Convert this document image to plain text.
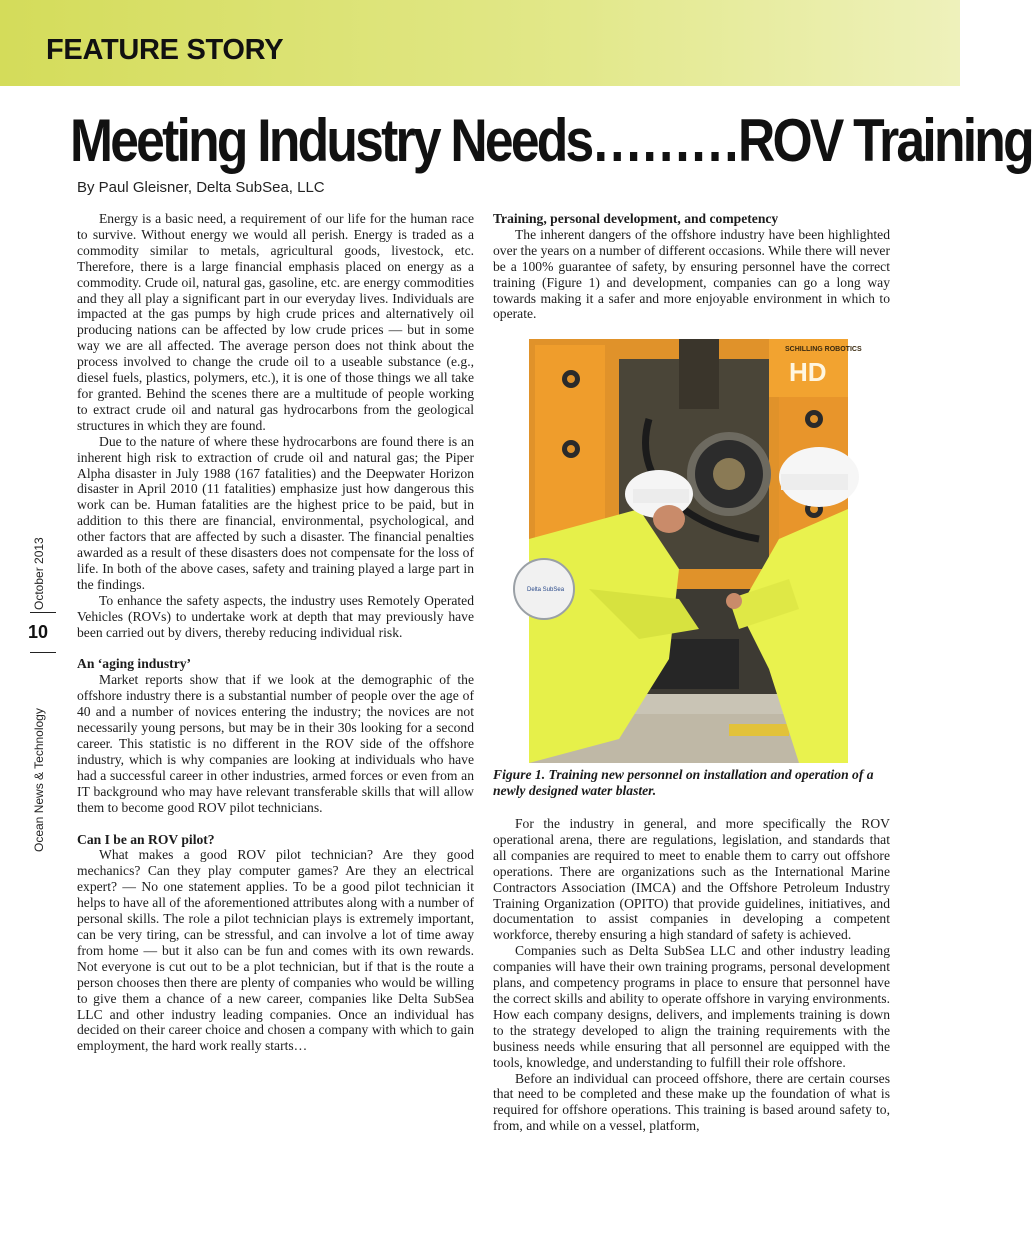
FEATURE STORY
Meeting Industry Needs………ROV Training
By Paul Gleisner, Delta SubSea, LLC
October 2013
10
Ocean News & Technology

Energy is a basic need, a requirement of our life for the human race to survive. Without energy we would all perish. Energy is traded as a commodity similar to metals, agricultural goods, livestock, etc. Therefore, there is a large financial emphasis placed on energy as a commodity. Crude oil, natural gas, gasoline, etc. are energy commodities and they all play a significant part in our everyday lives. Individuals are impacted at the gas pumps by high crude prices and alternatively oil producing nations can be affected by low crude prices — but in some way we are all affected. The average person does not think about the process involved to change the crude oil to a useable substance (e.g., diesel fuels, plastics, polymers, etc.), it is one of those things we all take for granted. Behind the scenes there are a multitude of people working to extract crude oil and natural gas hydrocarbons from the geological structures in which they are found.

Due to the nature of where these hydrocarbons are found there is an inherent high risk to extraction of crude oil and natural gas; the Piper Alpha disaster in July 1988 (167 fatalities) and the Deepwater Horizon disaster in April 2010 (11 fatalities) emphasize just how dangerous this work can be. Human fatalities are the highest price to be paid, but in addition to this there are financial, environmental, psychological, and other factors that are affected by such a disaster. The financial penalties awarded as a result of these disasters does not compensate for the loss of life. In both of the above cases, safety and training played a large part in the findings.

To enhance the safety aspects, the industry uses Remotely Operated Vehicles (ROVs) to undertake work at depth that may previously have been carried out by divers, thereby reducing individual risk.

An ‘aging industry’

Market reports show that if we look at the demographic of the offshore industry there is a substantial number of people over the age of 40 and a number of novices entering the industry; the novices are not necessarily young persons, but may be in their 30s looking for a second career. This statistic is no different in the ROV side of the offshore industry, which is why companies are looking at individuals who have had a successful career in other industries, armed forces or even from an IT background who may have relevant transferable skills that will allow them to become good ROV pilot technicians.

Can I be an ROV pilot?

What makes a good ROV pilot technician? Are they good mechanics? Can they play computer games? Are they an electrical expert? — No one statement applies. To be a good pilot technician it helps to have all of the aforementioned attributes along with a number of personal skills. The role a pilot technician plays is extremely important, can be very tiring, can be stressful, and can involve a lot of time away from home — but it also can be fun and comes with its own rewards. Not everyone is cut out to be a plot technician, but if that is the route a person chooses then there are plenty of companies who would be willing to give them a chance of a new career, companies like Delta SubSea LLC and other industry leading companies. Once an individual has decided on their career choice and chosen a company with which to gain employment, the hard work really starts…

Training, personal development, and competency

The inherent dangers of the offshore industry have been highlighted over the years on a number of different occasions. While there will never be a 100% guarantee of safety, by ensuring personnel have the correct training (Figure 1) and development, companies can go a long way towards making it a safer and more enjoyable environment in which to operate.

SCHILLING ROBOTICS
HD
Delta SubSea
Figure 1. Training new personnel on installation and operation of a newly designed water blaster.

For the industry in general, and more specifically the ROV operational arena, there are regulations, legislation, and standards that all companies are required to meet to enable them to carry out offshore operations. There are organizations such as the International Marine Contractors Association (IMCA) and the Offshore Petroleum Industry Training Organization (OPITO) that provide guidelines, initiatives, and documentation to assist companies in developing a competent workforce, thereby ensuring a high standard of safety is achieved.

Companies such as Delta SubSea LLC and other industry leading companies will have their own training programs, personal development plans, and competency programs in place to ensure that personnel have the correct skills and ability to operate offshore in varying environments. How each company designs, delivers, and implements training is down to the strategy developed to align the training requirements with the business needs while ensuring that all personnel are equipped with the tools, knowledge, and understanding to fulfill their role offshore.

Before an individual can proceed offshore, there are certain courses that need to be completed and these make up the foundation of what is required for offshore operations. This training is based around safety to, from, and while on a vessel, platform,
